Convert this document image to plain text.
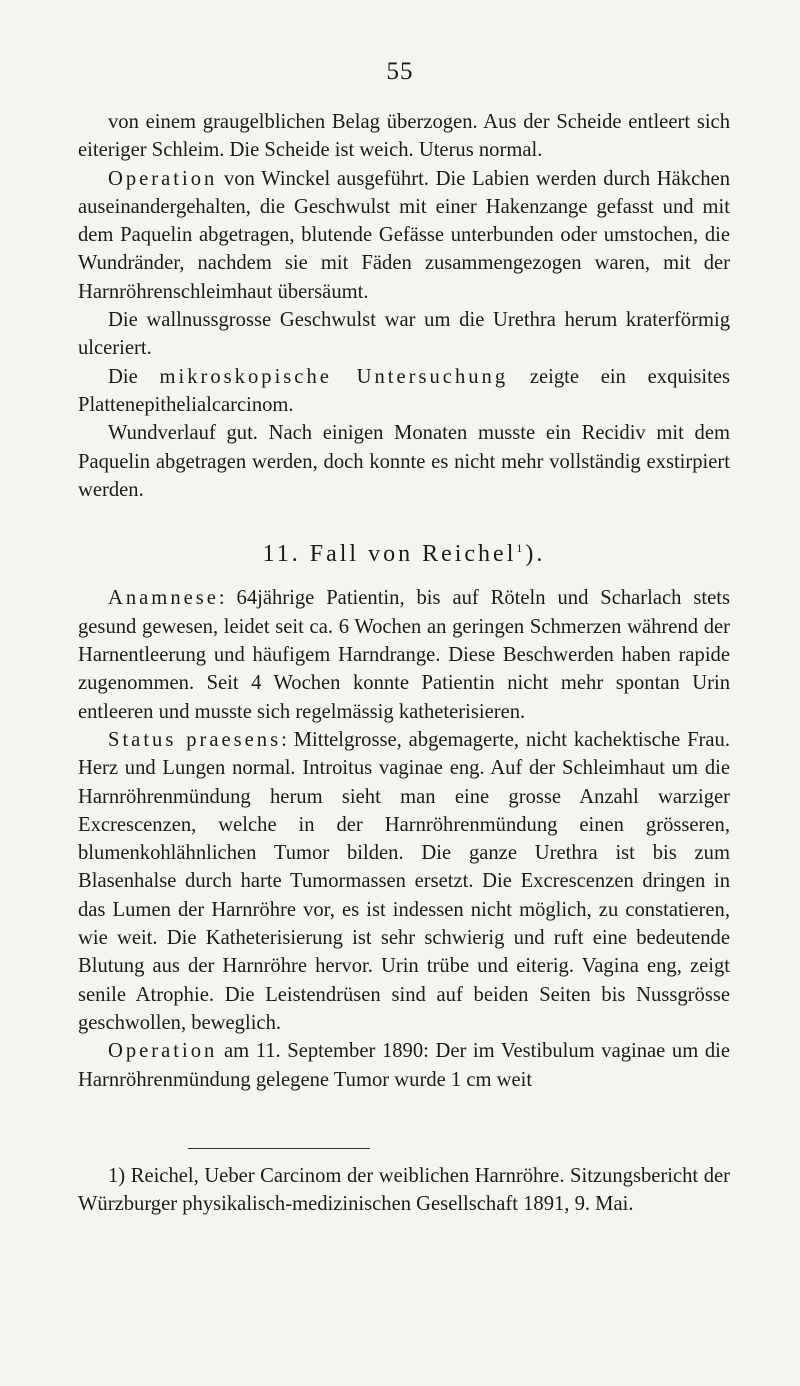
55

von einem graugelblichen Belag überzogen. Aus der Scheide entleert sich eiteriger Schleim. Die Scheide ist weich. Uterus normal.

Operation von Winckel ausgeführt. Die Labien werden durch Häkchen auseinandergehalten, die Geschwulst mit einer Hakenzange gefasst und mit dem Paquelin abgetragen, blutende Gefässe unterbunden oder umstochen, die Wundränder, nachdem sie mit Fäden zusammengezogen waren, mit der Harnröhrenschleimhaut übersäumt.

Die wallnussgrosse Geschwulst war um die Urethra herum kraterförmig ulceriert.

Die mikroskopische Untersuchung zeigte ein exquisites Plattenepithelialcarcinom.

Wundverlauf gut. Nach einigen Monaten musste ein Recidiv mit dem Paquelin abgetragen werden, doch konnte es nicht mehr vollständig exstirpiert werden.

11. Fall von Reichel$^1$).

Anamnese: 64jährige Patientin, bis auf Röteln und Scharlach stets gesund gewesen, leidet seit ca. 6 Wochen an geringen Schmerzen während der Harnentleerung und häufigem Harndrange. Diese Beschwerden haben rapide zugenommen. Seit 4 Wochen konnte Patientin nicht mehr spontan Urin entleeren und musste sich regelmässig katheterisieren.

Status praesens: Mittelgrosse, abgemagerte, nicht kachektische Frau. Herz und Lungen normal. Introitus vaginae eng. Auf der Schleimhaut um die Harnröhrenmündung herum sieht man eine grosse Anzahl warziger Excrescenzen, welche in der Harnröhrenmündung einen grösseren, blumenkohlähnlichen Tumor bilden. Die ganze Urethra ist bis zum Blasenhalse durch harte Tumormassen ersetzt. Die Excrescenzen dringen in das Lumen der Harnröhre vor, es ist indessen nicht möglich, zu constatieren, wie weit. Die Katheterisierung ist sehr schwierig und ruft eine bedeutende Blutung aus der Harnröhre hervor. Urin trübe und eiterig. Vagina eng, zeigt senile Atrophie. Die Leistendrüsen sind auf beiden Seiten bis Nussgrösse geschwollen, beweglich.

Operation am 11. September 1890: Der im Vestibulum vaginae um die Harnröhrenmündung gelegene Tumor wurde 1 cm weit

1) Reichel, Ueber Carcinom der weiblichen Harnröhre. Sitzungsbericht der Würzburger physikalisch-medizinischen Gesellschaft 1891, 9. Mai.
